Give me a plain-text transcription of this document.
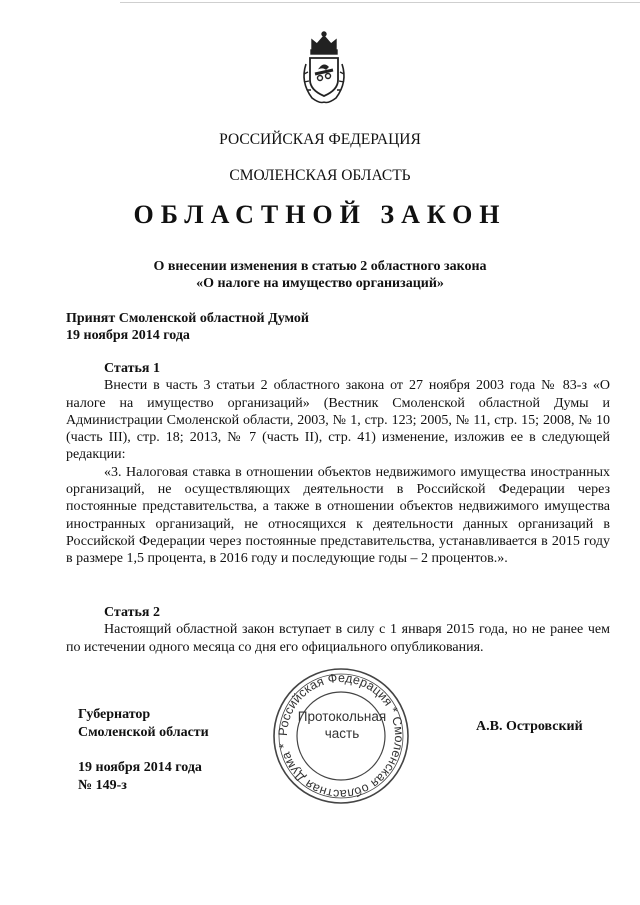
РОССИЙСКАЯ ФЕДЕРАЦИЯ
СМОЛЕНСКАЯ ОБЛАСТЬ
ОБЛАСТНОЙ ЗАКОН
О внесении изменения в статью 2 областного закона
«О налоге на имущество организаций»
Принят Смоленской областной Думой
19 ноября 2014 года
Статья 1

Внести в часть 3 статьи 2 областного закона от 27 ноября 2003 года № 83-з «О налоге на имущество организаций» (Вестник Смоленской областной Думы и Администрации Смоленской области, 2003, № 1, стр. 123; 2005, № 11, стр. 15; 2008, № 10 (часть III), стр. 18; 2013, № 7 (часть II), стр. 41) изменение, изложив ее в следующей редакции:

«3. Налоговая ставка в отношении объектов недвижимого имущества иностранных организаций, не осуществляющих деятельности в Российской Федерации через постоянные представительства, а также в отношении объектов недвижимого имущества иностранных организаций, не относящихся к деятельности данных организаций в Российской Федерации через постоянные представительства, устанавливается в 2015 году в размере 1,5 процента, в 2016 году и последующие годы – 2 процентов.».

Статья 2

Настоящий областной закон вступает в силу с 1 января 2015 года, но не ранее чем по истечении одного месяца со дня его официального опубликования.

Губернатор
Смоленской области
19 ноября 2014 года
№ 149-з
А.В. Островский
Российская Федерация * Смоленская областная Дума *
Протокольная
часть
